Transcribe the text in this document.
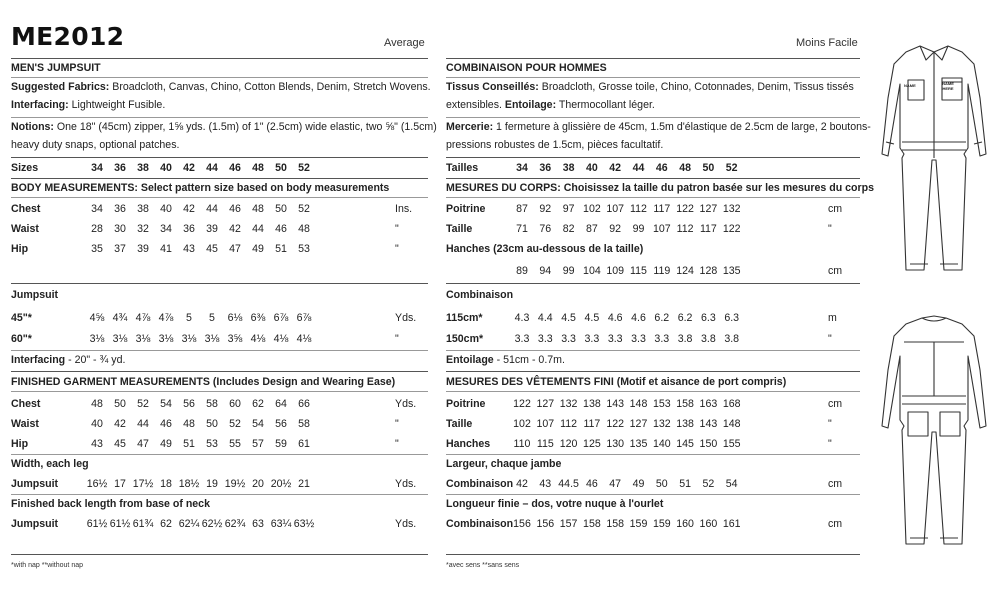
ME2012	Average	Moins Facile
MEN'S JUMPSUIT
Suggested Fabrics: Broadcloth, Canvas, Chino, Cotton Blends, Denim, Stretch Wovens.
Interfacing: Lightweight Fusible.
Notions: One 18" (45cm) zipper, 1⅝ yds. (1.5m) of 1" (2.5cm) wide elastic, two ⅝" (1.5cm)
heavy duty snaps, optional patches.
Sizes	34	36	38	40	42	44	46	48	50	52
BODY MEASUREMENTS: Select pattern size based on body measurements
Chest	34	36	38	40	42	44	46	48	50	52	Ins.
Waist	28	30	32	34	36	39	42	44	46	48	"
Hip	35	37	39	41	43	45	47	49	51	53	"
Jumpsuit
45"*	4⅝ 4¾ 4⅞ 4⅞	5	5	6⅛ 6⅜ 6⅞ 6⅞	Yds.
60"*	3⅛ 3⅛ 3⅛ 3⅛ 3⅛ 3⅛ 3⅝ 4⅛ 4⅛ 4⅛	"
Interfacing - 20" - ¾ yd.
FINISHED GARMENT MEASUREMENTS (Includes Design and Wearing Ease)
Chest	48	50	52	54	56	58	60	62	64	66	Yds.
Waist	40	42	44	46	48	50	52	54	56	58	"
Hip	43	45	47	49	51	53	55	57	59	61	"
Width, each leg
Jumpsuit	16½ 17 17½ 18 18½ 19 19½ 20 20½ 21	Yds.
Finished back length from base of neck
Jumpsuit	61½ 61½ 61¾ 62 62¼ 62½ 62¾ 63 63¼ 63½	Yds.
*with nap **without nap
COMBINAISON POUR HOMMES
Tissus Conseillés: Broadcloth, Grosse toile, Chino, Cotonnades, Denim, Tissus tissés
extensibles. Entoilage: Thermocollant léger.
Mercerie: 1 fermeture à glissière de 45cm, 1.5m d'élastique de 2.5cm de large, 2 boutons-
pressions robustes de 1.5cm, pièces facultatif.
Tailles	34	36	38	40	42	44	46	48	50	52
MESURES DU CORPS: Choisissez la taille du patron basée sur les mesures du corps
Poitrine	87	92	97 102 107 112 117 122 127 132	cm
Taille	71	76	82	87	92	99 107 112 117 122	"
Hanches (23cm au-dessous de la taille)
89	94	99 104 109 115 119 124 128 135	cm
Combinaison
115cm*	4.3 4.4 4.5 4.5 4.6 4.6 6.2 6.2 6.3 6.3	m
150cm*	3.3 3.3 3.3 3.3 3.3 3.3 3.3 3.8 3.8 3.8	"
Entoilage - 51cm - 0.7m.
MESURES DES VÊTEMENTS FINI (Motif et aisance de port compris)
Poitrine	122 127 132 138 143 148 153 158 163 168	cm
Taille	102 107 112 117 122 127 132 138 143 148	"
Hanches	110 115 120 125 130 135 140 145 150 155	"
Largeur, chaque jambe
Combinaison 42	43 44.5 46	47	49	50	51	52	54	cm
Longueur finie – dos, votre nuque à l'ourlet
Combinaison 156 156 157 158 158 159 159 160 160 161	cm
*avec sens **sans sens
NAME	NAME HERE
